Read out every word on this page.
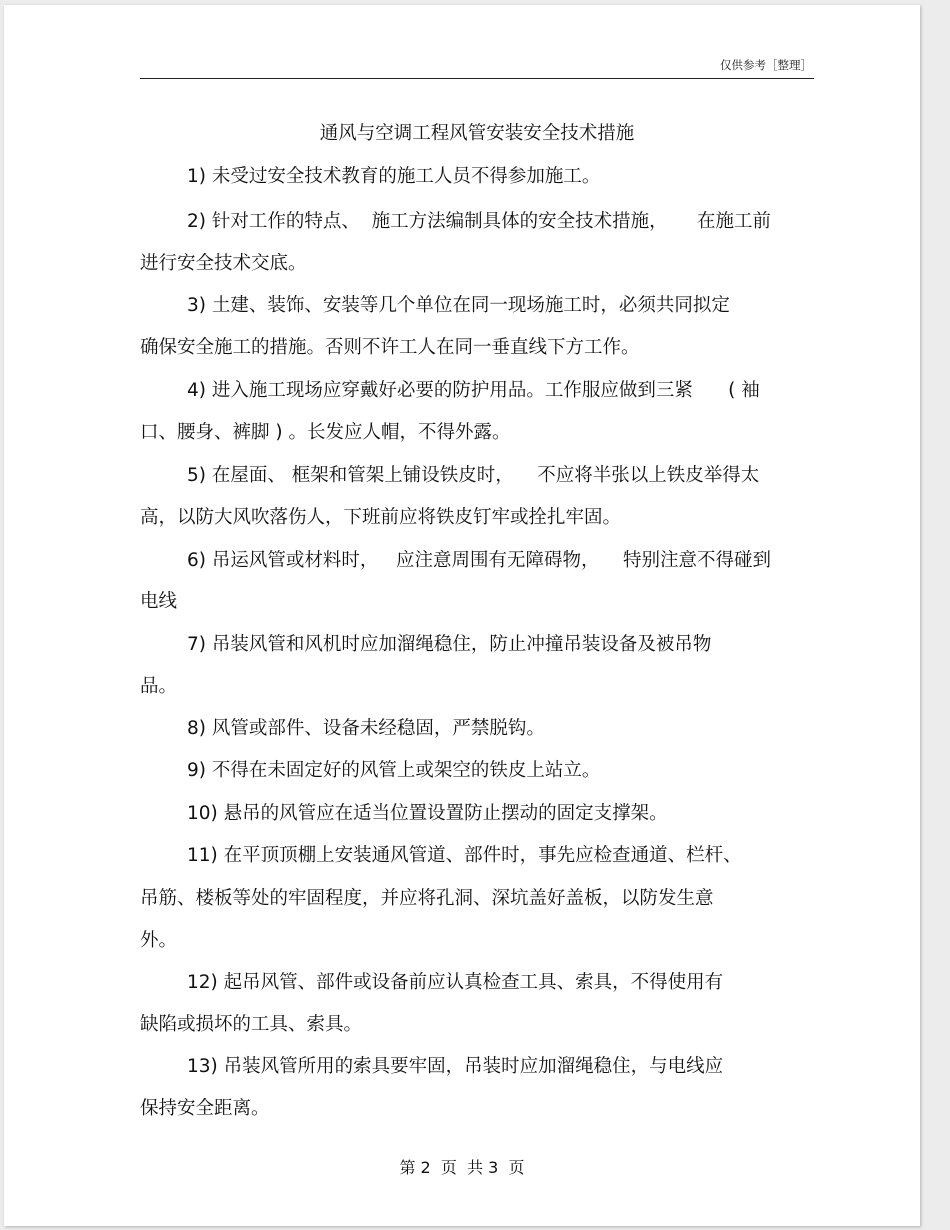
仅供参考［整理］
通风与空调工程风管安装安全技术措施
1) 未受过安全技术教育的施工人员不得参加施工。
2) 针对工作的特点、  施工方法编制具体的安全技术措施，     在施工前
进行安全技术交底。
3) 土建、装饰、安装等几个单位在同一现场施工时，必须共同拟定
确保安全施工的措施。否则不许工人在同一垂直线下方工作。
4) 进入施工现场应穿戴好必要的防护用品。工作服应做到三紧      ( 袖
口、腰身、裤脚 ) 。长发应人帽，不得外露。
5) 在屋面、 框架和管架上铺设铁皮时，    不应将半张以上铁皮举得太
高，以防大风吹落伤人，下班前应将铁皮钉牢或拴扎牢固。
6) 吊运风管或材料时，   应注意周围有无障碍物，    特别注意不得碰到
电线
7) 吊装风管和风机时应加溜绳稳住，防止冲撞吊装设备及被吊物
品。
8) 风管或部件、设备未经稳固，严禁脱钩。
9) 不得在未固定好的风管上或架空的铁皮上站立。
10) 悬吊的风管应在适当位置设置防止摆动的固定支撑架。
11) 在平顶顶棚上安装通风管道、部件时，事先应检查通道、栏杆、
吊筋、楼板等处的牢固程度，并应将孔洞、深坑盖好盖板，以防发生意
外。
12) 起吊风管、部件或设备前应认真检查工具、索具，不得使用有
缺陷或损坏的工具、索具。
13) 吊装风管所用的索具要牢固，吊装时应加溜绳稳住，与电线应
保持安全距离。
第 2  页  共 3  页
